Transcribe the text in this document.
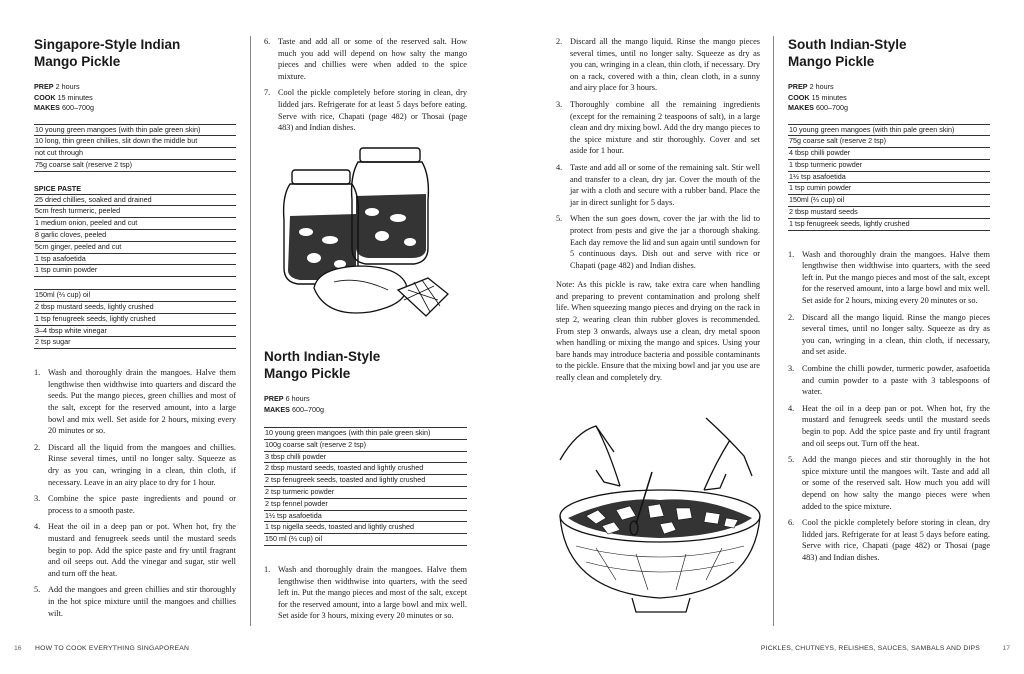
Singapore-Style Indian
Mango Pickle

PREP 2 hours

COOK 15 minutes

MAKES 600–700g

10 young green mangoes (with thin pale green skin)
10 long, thin green chillies, slit down the middle but
not cut through
75g coarse salt (reserve 2 tsp)
SPICE PASTE
25 dried chillies, soaked and drained
5cm fresh turmeric, peeled
1 medium onion, peeled and cut
8 garlic cloves, peeled
5cm ginger, peeled and cut
1 tsp asafoetida
1 tsp cumin powder
150ml (⅔ cup) oil
2 tbsp mustard seeds, lightly crushed
1 tsp fenugreek seeds, lightly crushed
3–4 tbsp white vinegar
2 tsp sugar
1. Wash and thoroughly drain the mangoes. Halve them lengthwise then widthwise into quarters and discard the seeds. Put the mango pieces, green chillies and most of the salt, except for the reserved amount, into a large bowl and mix well. Set aside for 2 hours, mixing every 20 minutes or so.
2. Discard all the liquid from the mangoes and chillies. Rinse several times, until no longer salty. Squeeze as dry as you can, wringing in a clean, thin cloth, if necessary. Leave in an airy place to dry for 1 hour.
3. Combine the spice paste ingredients and pound or process to a smooth paste.
4. Heat the oil in a deep pan or pot. When hot, fry the mustard and fenugreek seeds until the mustard seeds begin to pop. Add the spice paste and fry until fragrant and oil seeps out. Add the vinegar and sugar, stir well and turn off the heat.
5. Add the mangoes and green chillies and stir thoroughly in the hot spice mixture until the mangoes and chillies wilt.
6. Taste and add all or some of the reserved salt. How much you add will depend on how salty the mango pieces and chillies were when added to the spice mixture.
7. Cool the pickle completely before storing in clean, dry lidded jars. Refrigerate for at least 5 days before eating. Serve with rice, Chapati (page 482) or Thosai (page 483) and Indian dishes.
North Indian-Style
Mango Pickle

PREP 6 hours

MAKES 600–700g

10 young green mangoes (with thin pale green skin)
100g coarse salt (reserve 2 tsp)
3 tbsp chilli powder
2 tbsp mustard seeds, toasted and lightly crushed
2 tsp fenugreek seeds, toasted and lightly crushed
2 tsp turmeric powder
2 tsp fennel powder
1½ tsp asafoetida
1 tsp nigella seeds, toasted and lightly crushed
150 ml (⅔ cup) oil
1. Wash and thoroughly drain the mangoes. Halve them lengthwise then widthwise into quarters, with the seed left in. Put the mango pieces and most of the salt, except for the reserved amount, into a large bowl and mix well. Set aside for 3 hours, mixing every 20 minutes or so.
2. Discard all the mango liquid. Rinse the mango pieces several times, until no longer salty. Squeeze as dry as you can, wringing in a clean, thin cloth, if necessary. Dry on a rack, covered with a thin, clean cloth, in a sunny and airy place for 3 hours.
3. Thoroughly combine all the remaining ingredients (except for the remaining 2 teaspoons of salt), in a large clean and dry mixing bowl. Add the dry mango pieces to the spice mixture and stir thoroughly. Cover and set aside for 1 hour.
4. Taste and add all or some of the remaining salt. Stir well and transfer to a clean, dry jar. Cover the mouth of the jar with a cloth and secure with a rubber band. Place the jar in direct sunlight for 5 days.
5. When the sun goes down, cover the jar with the lid to protect from pests and give the jar a thorough shaking. Each day remove the lid and sun again until sundown for 5 continuous days. Dish out and serve with rice or Chapati (page 482) and Indian dishes.

Note: As this pickle is raw, take extra care when handling and preparing to prevent contamination and prolong shelf life. When squeezing mango pieces and drying on the rack in step 2, wearing clean thin rubber gloves is recommended. From step 3 onwards, always use a clean, dry metal spoon when handling or mixing the mango and spices. Using your bare hands may introduce bacteria and possible contaminants to the pickle. Ensure that the mixing bowl and jar you use are really clean and completely dry.

South Indian-Style
Mango Pickle

PREP 2 hours

COOK 15 minutes

MAKES 600–700g

10 young green mangoes (with thin pale green skin)
75g coarse salt (reserve 2 tsp)
4 tbsp chilli powder
1 tbsp turmeric powder
1½ tsp asafoetida
1 tsp cumin powder
150ml (⅔ cup) oil
2 tbsp mustard seeds
1 tsp fenugreek seeds, lightly crushed
1. Wash and thoroughly drain the mangoes. Halve them lengthwise then widthwise into quarters, with the seed left in. Put the mango pieces and most of the salt, except for the reserved amount, into a large bowl and mix well. Set aside for 2 hours, mixing every 20 minutes or so.
2. Discard all the mango liquid. Rinse the mango pieces several times, until no longer salty. Squeeze as dry as you can, wringing in a clean, thin cloth, if necessary, and set aside.
3. Combine the chilli powder, turmeric powder, asafoetida and cumin powder to a paste with 3 tablespoons of water.
4. Heat the oil in a deep pan or pot. When hot, fry the mustard and fenugreek seeds until the mustard seeds begin to pop. Add the spice paste and fry until fragrant and oil seeps out. Turn off the heat.
5. Add the mango pieces and stir thoroughly in the hot spice mixture until the mangoes wilt. Taste and add all or some of the reserved salt. How much you add will depend on how salty the mango pieces were when added to the spice mixture.
6. Cool the pickle completely before storing in clean, dry lidded jars. Refrigerate for at least 5 days before eating. Serve with rice, Chapati (page 482) or Thosai (page 483) and Indian dishes.
16 HOW TO COOK EVERYTHING SINGAPOREAN	PICKLES, CHUTNEYS, RELISHES, SAUCES, SAMBALS AND DIPS	17
